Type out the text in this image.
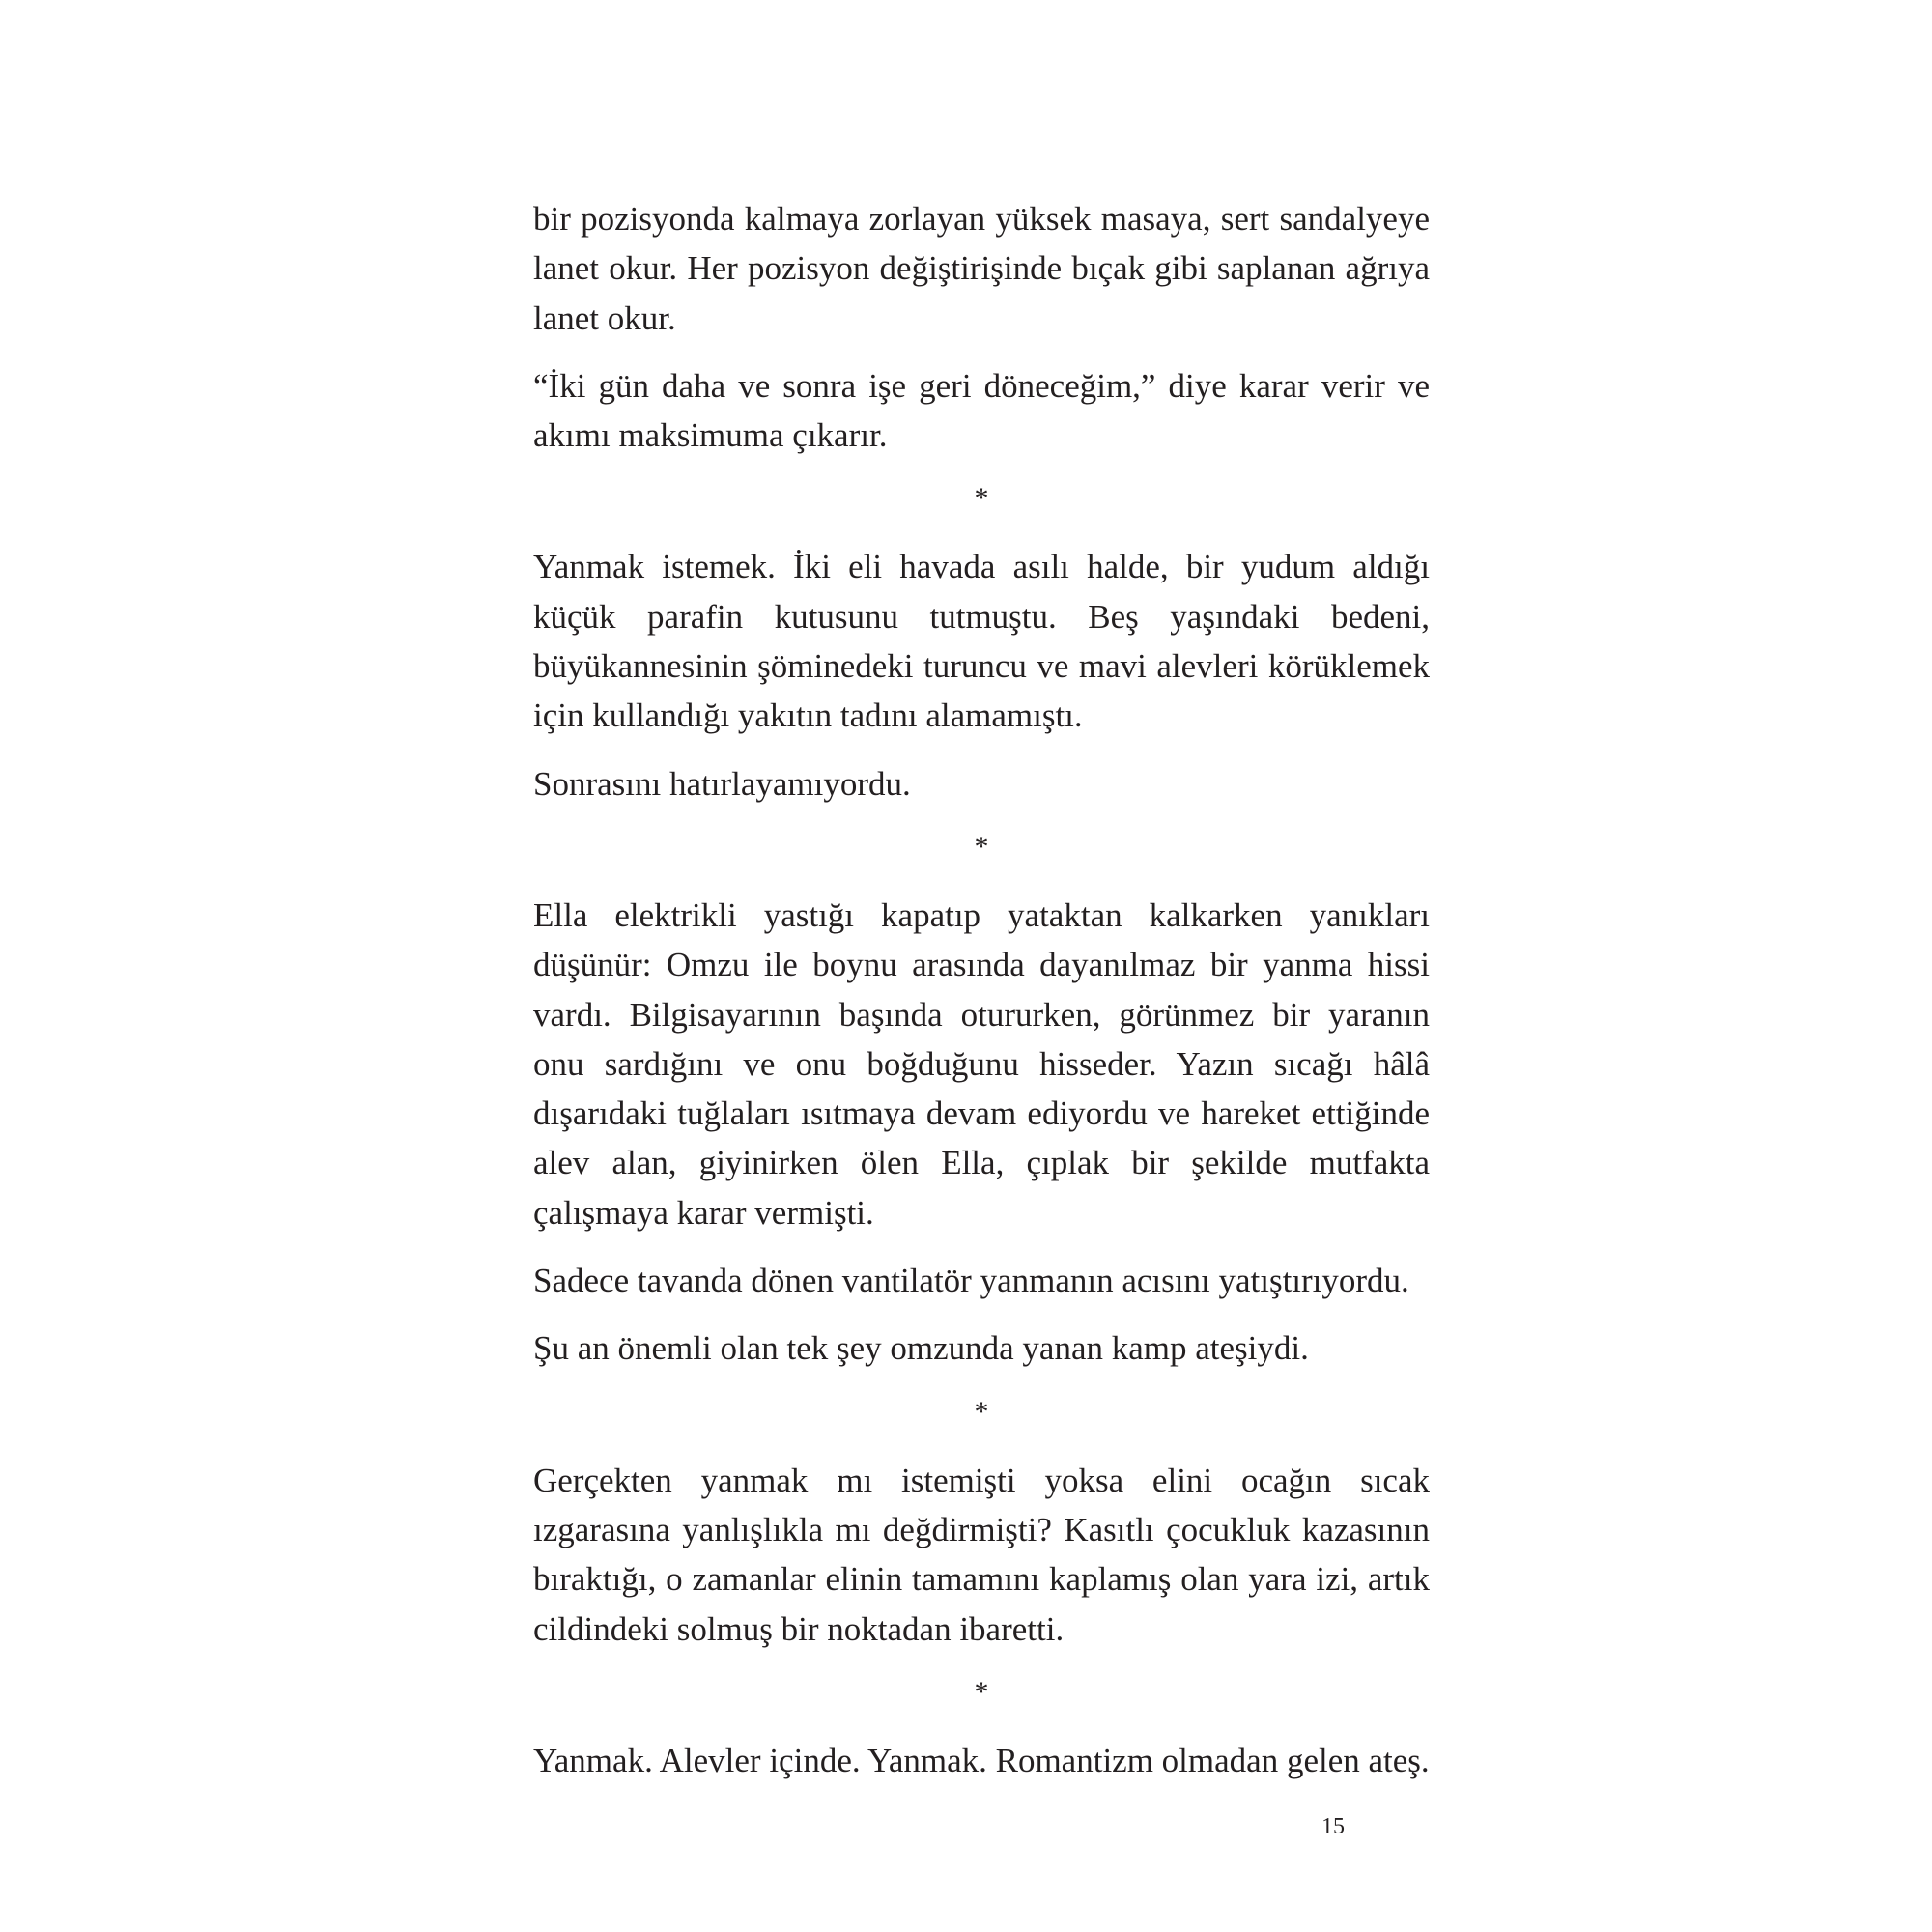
bir pozisyonda kalmaya zorlayan yüksek masaya, sert sandalyeye lanet okur. Her pozisyon değiştirişinde bıçak gibi saplanan ağrıya lanet okur.

“İki gün daha ve sonra işe geri döneceğim,” diye karar verir ve akımı maksimuma çıkarır.

*

Yanmak istemek. İki eli havada asılı halde, bir yudum aldığı küçük parafin kutusunu tutmuştu. Beş yaşındaki bedeni, büyükannesinin şöminedeki turuncu ve mavi alevleri körüklemek için kullandığı yakıtın tadını alamamıştı.

Sonrasını hatırlayamıyordu.

*

Ella elektrikli yastığı kapatıp yataktan kalkarken yanıkları düşünür: Omzu ile boynu arasında dayanılmaz bir yanma hissi vardı. Bilgisayarının başında otururken, görünmez bir yaranın onu sardığını ve onu boğduğunu hisseder. Yazın sıcağı hâlâ dışarıdaki tuğlaları ısıtmaya devam ediyordu ve hareket ettiğinde alev alan, giyinirken ölen Ella, çıplak bir şekilde mutfakta çalışmaya karar vermişti.

Sadece tavanda dönen vantilatör yanmanın acısını yatıştırıyordu.

Şu an önemli olan tek şey omzunda yanan kamp ateşiydi.

*

Gerçekten yanmak mı istemişti yoksa elini ocağın sıcak ızgarasına yanlışlıkla mı değdirmişti? Kasıtlı çocukluk kazasının bıraktığı, o zamanlar elinin tamamını kaplamış olan yara izi, artık cildindeki solmuş bir noktadan ibaretti.

*

Yanmak. Alevler içinde. Yanmak. Romantizm olmadan gelen ateş.

15
